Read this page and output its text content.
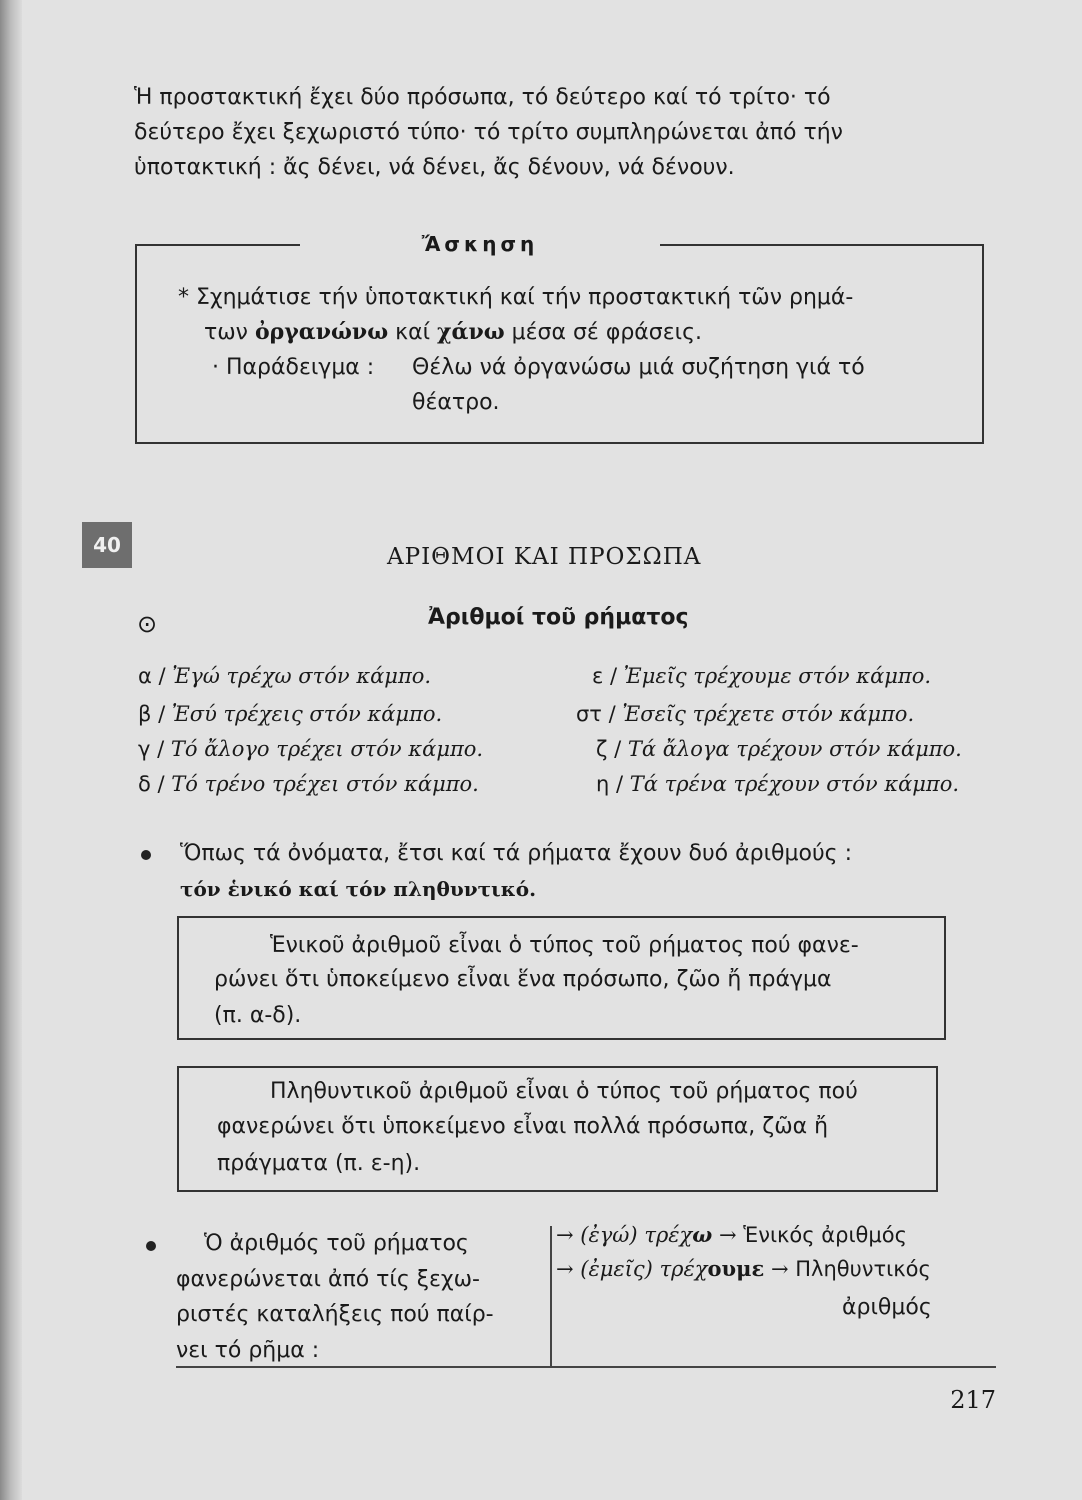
Ἡ προστακτική ἔχει δύο πρόσωπα, τό δεύτερο καί τό τρίτο· τό
δεύτερο ἔχει ξεχωριστό τύπο· τό τρίτο συμπληρώνεται ἀπό τήν
ὑποτακτική : ἄς δένει, νά δένει, ἄς δένουν, νά δένουν.
Ἄσκηση
* Σχημάτισε τήν ὑποτακτική καί τήν προστακτική τῶν ρημά-
των ὀργανώνω καί χάνω μέσα σέ φράσεις.
· Παράδειγμα : Θέλω νά ὀργανώσω μιά συζήτηση γιά τό
θέατρο.
40	ΑΡΙΘΜΟΙ ΚΑΙ ΠΡΟΣΩΠΑ
⊙	Ἀριθμοί τοῦ ρήματος
α / Ἐγώ τρέχω στόν κάμπο.
β / Ἐσύ τρέχεις στόν κάμπο.
γ / Τό ἄλογο τρέχει στόν κάμπο.
δ / Τό τρένο τρέχει στόν κάμπο.
ε / Ἐμεῖς τρέχουμε στόν κάμπο.
στ / Ἐσεῖς τρέχετε στόν κάμπο.
ζ / Τά ἄλογα τρέχουν στόν κάμπο.
η / Τά τρένα τρέχουν στόν κάμπο.
Ὅπως τά ὀνόματα, ἔτσι καί τά ρήματα ἔχουν δυό ἀριθμούς :
τόν ἑνικό καί τόν πληθυντικό.
Ἑνικοῦ ἀριθμοῦ εἶναι ὁ τύπος τοῦ ρήματος πού φανε-
ρώνει ὅτι ὑποκείμενο εἶναι ἕνα πρόσωπο, ζῶο ἤ πράγμα
(π. α-δ).
Πληθυντικοῦ ἀριθμοῦ εἶναι ὁ τύπος τοῦ ρήματος πού
φανερώνει ὅτι ὑποκείμενο εἶναι πολλά πρόσωπα, ζῶα ἤ
πράγματα (π. ε-η).
Ὁ ἀριθμός τοῦ ρήματος
φανερώνεται ἀπό τίς ξεχω-
ριστές καταλήξεις πού παίρ-
νει τό ρῆμα :
→ (ἐγώ) τρέχω → Ἑνικός ἀριθμός
→ (ἐμεῖς) τρέχουμε → Πληθυντικός
ἀριθμός
217
